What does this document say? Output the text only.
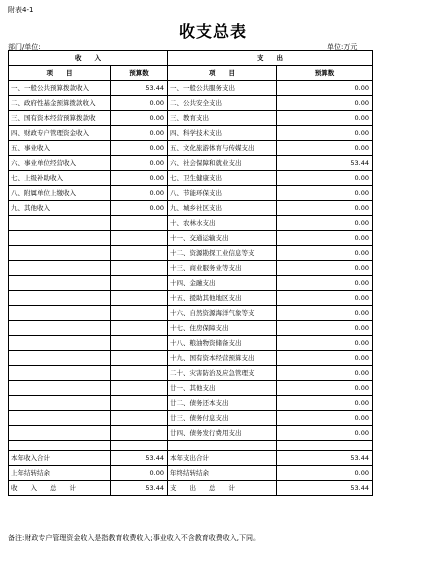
附表4-1
收支总表
部门/单位:	单位:万元
收　　入		支　　出	
项　　目	预算数	项　　目	预算数
一、一般公共预算拨款收入	53.44	一、一般公共服务支出	0.00
二、政府性基金预算拨款收入	0.00	二、公共安全支出	0.00
三、国有资本经营预算拨款收	0.00	三、教育支出	0.00
四、财政专户管理资金收入	0.00	四、科学技术支出	0.00
五、事业收入	0.00	五、文化旅游体育与传媒支出	0.00
六、事业单位经营收入	0.00	六、社会保障和就业支出	53.44
七、上级补助收入	0.00	七、卫生健康支出	0.00
八、附属单位上缴收入	0.00	八、节能环保支出	0.00
九、其他收入	0.00	九、城乡社区支出	0.00
		十、农林水支出	0.00
		十一、交通运输支出	0.00
		十二、资源勘探工业信息等支	0.00
		十三、商业服务业等支出	0.00
		十四、金融支出	0.00
		十五、援助其他地区支出	0.00
		十六、自然资源海洋气象等支	0.00
		十七、住房保障支出	0.00
		十八、粮油物资储备支出	0.00
		十九、国有资本经营预算支出	0.00
		二十、灾害防治及应急管理支	0.00
		廿一、其他支出	0.00
		廿二、债务还本支出	0.00
		廿三、债务付息支出	0.00
		廿四、债务发行费用支出	0.00

本年收入合计	53.44	本年支出合计	53.44
上年结转结余	0.00	年终结转结余	0.00
收　　入　　总　　计	53.44	支　　出　　总　　计	53.44
备注:财政专户管理资金收入是指教育收费收入;事业收入不含教育收费收入,下同。
